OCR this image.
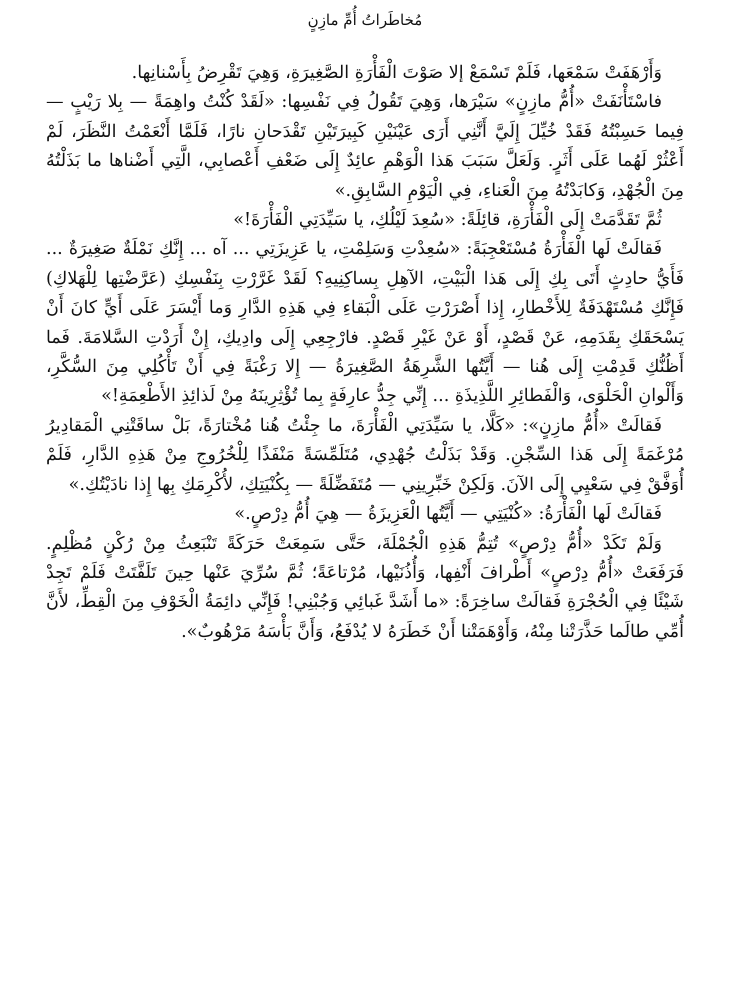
مُخاطَراتُ أُمِّ مازِنٍ

وَأَرْهَفَتْ سَمْعَها، فَلَمْ تَسْمَعْ إلا صَوْتَ الْفَأْرَةِ الصَّغِيرَةِ، وَهِيَ تَقْرِضُ بِأَسْنانِها.

فاسْتَأْنَفَتْ «أُمُّ مازِنٍ» سَيْرَها، وَهِيَ تَقُولُ فِي نَفْسِها: «لَقَدْ كُنْتُ واهِمَةً — بِلا رَيْبٍ — فِيما حَسِبْتُهُ فَقَدْ خُيِّلَ إِلَيَّ أَنَّنِي أَرَى عَيْنَيْنِ كَبِيرَتَيْنِ تَقْدَحانِ نارًا، فَلَمَّا أَنْعَمْتُ النَّظَرَ، لَمْ أَعْثُرْ لَهُما عَلَى أَثَرٍ. وَلَعَلَّ سَبَبَ هَذا الْوَهْمِ عائِدٌ إِلَى ضَعْفِ أَعْصابِي، الَّتِي أَضْناها ما بَذَلْتُهُ مِنَ الْجُهْدِ، وَكابَدْتُهُ مِنَ الْعَناءِ، فِي الْيَوْمِ السَّابِقِ.»

ثُمَّ تَقَدَّمَتْ إِلَى الْفَأْرَةِ، قائِلَةً: «سُعِدَ لَيْلُكِ، يا سَيِّدَتِي الْفَأْرَةَ!»

فَقالَتْ لَها الْفَأْرَةُ مُسْتَعْجِبَةً: «سُعِدْتِ وَسَلِمْتِ، يا عَزِيزَتِي ... آه ... إِنَّكِ نَمْلَةٌ صَغِيرَةٌ ... فَأَيُّ حادِثٍ أَتَى بِكِ إِلَى هَذا الْبَيْتِ، الآهِلِ بِساكِنِيهِ؟ لَقَدْ غَرَّرْتِ بِنَفْسِكِ (عَرَّضْتِها لِلْهَلاكِ) فَإِنَّكِ مُسْتَهْدَفَةٌ لِلأَخْطارِ، إِذا أَصْرَرْتِ عَلَى الْبَقاءِ فِي هَذِهِ الدَّارِ وَما أَيْسَرَ عَلَى أَيٍّ كانَ أَنْ يَسْحَقَكِ بِقَدَمِهِ، عَنْ قَصْدٍ، أَوْ عَنْ غَيْرِ قَصْدٍ. فارْجِعِي إِلَى وادِيكِ، إِنْ أَرَدْتِ السَّلامَةَ. فَما أَظُنُّكِ قَدِمْتِ إِلَى هُنا — أَيَّتُها الشَّرِهَةُ الصَّغِيرَةُ — إِلا رَغْبَةً فِي أَنْ تَأْكُلِي مِنَ السُّكَّرِ، وَأَلْوانِ الْحَلْوَى، وَالْفَطائِرِ اللَّذِيذَةِ ... إِنِّي جِدُّ عارِفَةٍ بِما تُؤْثِرِينَهُ مِنْ لَذائِذِ الأَطْعِمَةِ!»

فَقالَتْ «أُمُّ مازِنٍ»: «كَلَّا، يا سَيِّدَتِي الْفَأْرَةَ، ما جِئْتُ هُنا مُخْتارَةً، بَلْ ساقَتْنِي الْمَقادِيرُ مُرْغَمَةً إِلَى هَذا السِّجْنِ. وَقَدْ بَذَلْتُ جُهْدِي، مُتَلَمِّسَةً مَنْفَذًا لِلْخُرُوجِ مِنْ هَذِهِ الدَّارِ، فَلَمْ أُوَفَّقْ فِي سَعْيِي إِلَى الآنَ. وَلَكِنْ خَبِّرِينِي — مُتَفَضِّلَةً — بِكُنْيَتِكِ، لأُكْرِمَكِ بِها إِذا نادَيْتُكِ.»

فَقالَتْ لَها الْفَأْرَةُ: «كُنْيَتِي — أَيَّتُها الْعَزِيزَةُ — هِيَ أُمُّ دِرْصٍ.»

وَلَمْ تَكَدْ «أُمُّ دِرْصٍ» تُتِمُّ هَذِهِ الْجُمْلَةَ، حَتَّى سَمِعَتْ حَرَكَةً تَنْبَعِثُ مِنْ رُكْنٍ مُظْلِمٍ. فَرَفَعَتْ «أُمُّ دِرْصٍ» أَطْرافَ أَنْفِها، وَأُذُنَيْها، مُرْتاعَةً؛ ثُمَّ سُرِّيَ عَنْها حِينَ تَلَفَّتَتْ فَلَمْ تَجِدْ شَيْئًا فِي الْحُجْرَةِ فَقالَتْ ساخِرَةً: «ما أَشَدَّ غَبائِي وَجُبْنِي! فَإِنِّي دائِمَةُ الْخَوْفِ مِنَ الْقِطِّ، لأَنَّ أُمِّي طالَما حَذَّرَتْنا مِنْهُ، وَأَوْهَمَتْنا أَنْ خَطَرَهُ لا يُدْفَعُ، وَأَنَّ بَأْسَهُ مَرْهُوبٌ».
